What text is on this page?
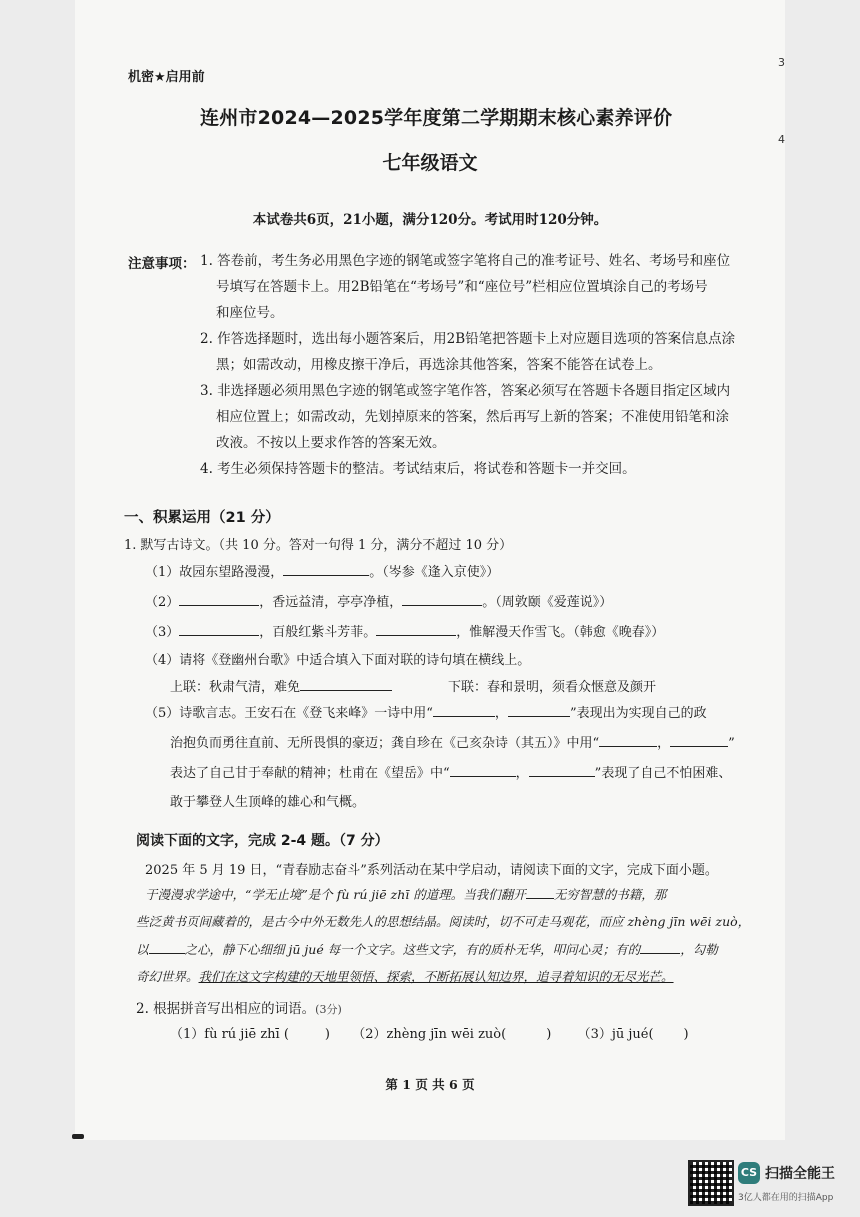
机密★启用前
连州市2024—2025学年度第二学期期末核心素养评价
七年级语文
本试卷共6页，21小题，满分120分。考试用时120分钟。
注意事项： 1. 答卷前，考生务必用黑色字迹的钢笔或签字笔将自己的准考证号、姓名、考场号和座位
号填写在答题卡上。用2B铅笔在“考场号”和“座位号”栏相应位置填涂自己的考场号
和座位号。
2. 作答选择题时，选出每小题答案后，用2B铅笔把答题卡上对应题目选项的答案信息点涂
黑；如需改动，用橡皮擦干净后，再选涂其他答案，答案不能答在试卷上。
3. 非选择题必须用黑色字迹的钢笔或签字笔作答，答案必须写在答题卡各题目指定区域内
相应位置上；如需改动，先划掉原来的答案，然后再写上新的答案；不准使用铅笔和涂
改液。不按以上要求作答的答案无效。
4. 考生必须保持答题卡的整洁。考试结束后，将试卷和答题卡一并交回。
一、积累运用（21 分）
1. 默写古诗文。（共 10 分。答对一句得 1 分，满分不超过 10 分）
（1）故园东望路漫漫，	。（岑参《逢入京使》）
（2）	，香远益清，亭亭净植，	。（周敦颐《爱莲说》）
（3）	，百般红紫斗芳菲。	，惟解漫天作雪飞。（韩愈《晚春》）
（4）请将《登幽州台歌》中适合填入下面对联的诗句填在横线上。
上联：秋肃气清，难免	下联：春和景明，须看众惬意及颜开
（5）诗歌言志。王安石在《登飞来峰》一诗中用“	，	”表现出为实现自己的政
治抱负而勇往直前、无所畏惧的豪迈；龚自珍在《己亥杂诗（其五）》中用“	，	”
表达了自己甘于奉献的精神；杜甫在《望岳》中“	，	”表现了自己不怕困难、
敢于攀登人生顶峰的雄心和气概。
阅读下面的文字，完成 2-4 题。（7 分）
2025 年 5 月 19 日，“青春励志奋斗”系列活动在某中学启动，请阅读下面的文字，完成下面小题。
于漫漫求学途中，“学无止境”是个 fù rú jiē zhī 的道理。当我们翻开 无穷智慧的书籍，那
些泛黄书页间藏着的，是古今中外无数先人的思想结晶。阅读时，切不可走马观花，而应 zhèng jīn wēi zuò，
以	之心，静下心细细 jū jué 每一个文字。这些文字，有的质朴无华，叩问心灵；有的	，勾勒
奇幻世界。我们在这文字构建的天地里领悟、探索，不断拓展认知边界，追寻着知识的无尽光芒。
2. 根据拼音写出相应的词语。(3分)
（1）fù rú jiē zhī (	) （2）zhèng jīn wēi zuò(	) （3）jū jué( )
第 1 页 共 6 页
3
4
CS 扫描全能王
3亿人都在用的扫描App
